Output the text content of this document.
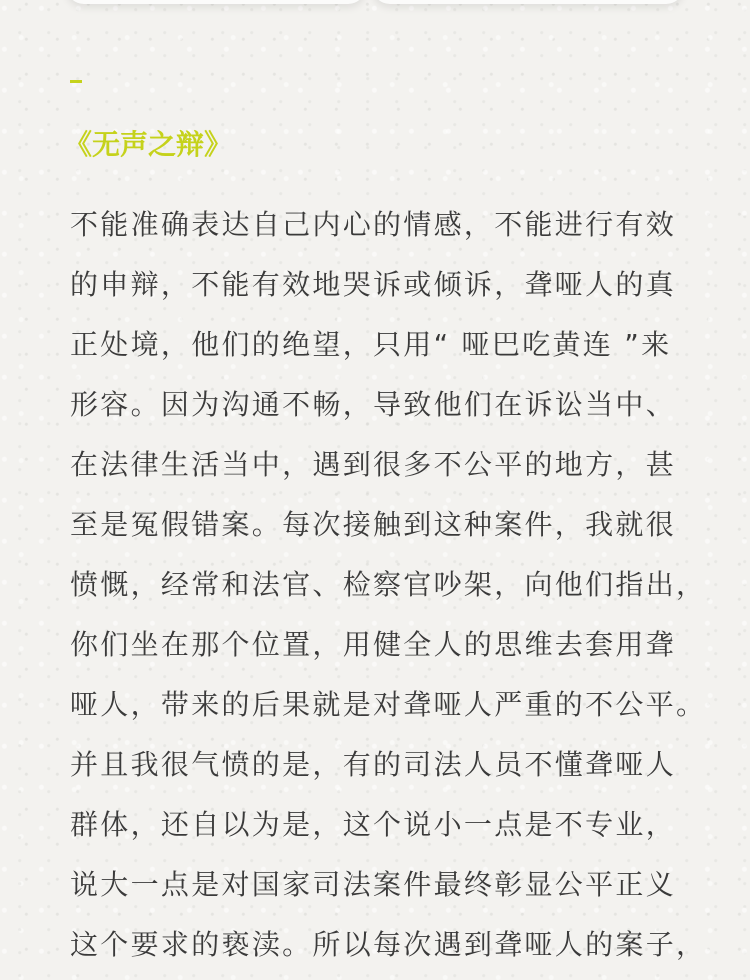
《无声之辩》
不能准确表达自己内心的情感，不能进行有效
的申辩，不能有效地哭诉或倾诉，聋哑人的真
正处境，他们的绝望，只用“ 哑巴吃黄连 ”来
形容。因为沟通不畅，导致他们在诉讼当中、
在法律生活当中，遇到很多不公平的地方，甚
至是冤假错案。每次接触到这种案件，我就很
愤慨，经常和法官、检察官吵架，向他们指出，
你们坐在那个位置，用健全人的思维去套用聋
哑人，带来的后果就是对聋哑人严重的不公平。
并且我很气愤的是，有的司法人员不懂聋哑人
群体，还自以为是，这个说小一点是不专业，
说大一点是对国家司法案件最终彰显公平正义
这个要求的亵渎。所以每次遇到聋哑人的案子，
